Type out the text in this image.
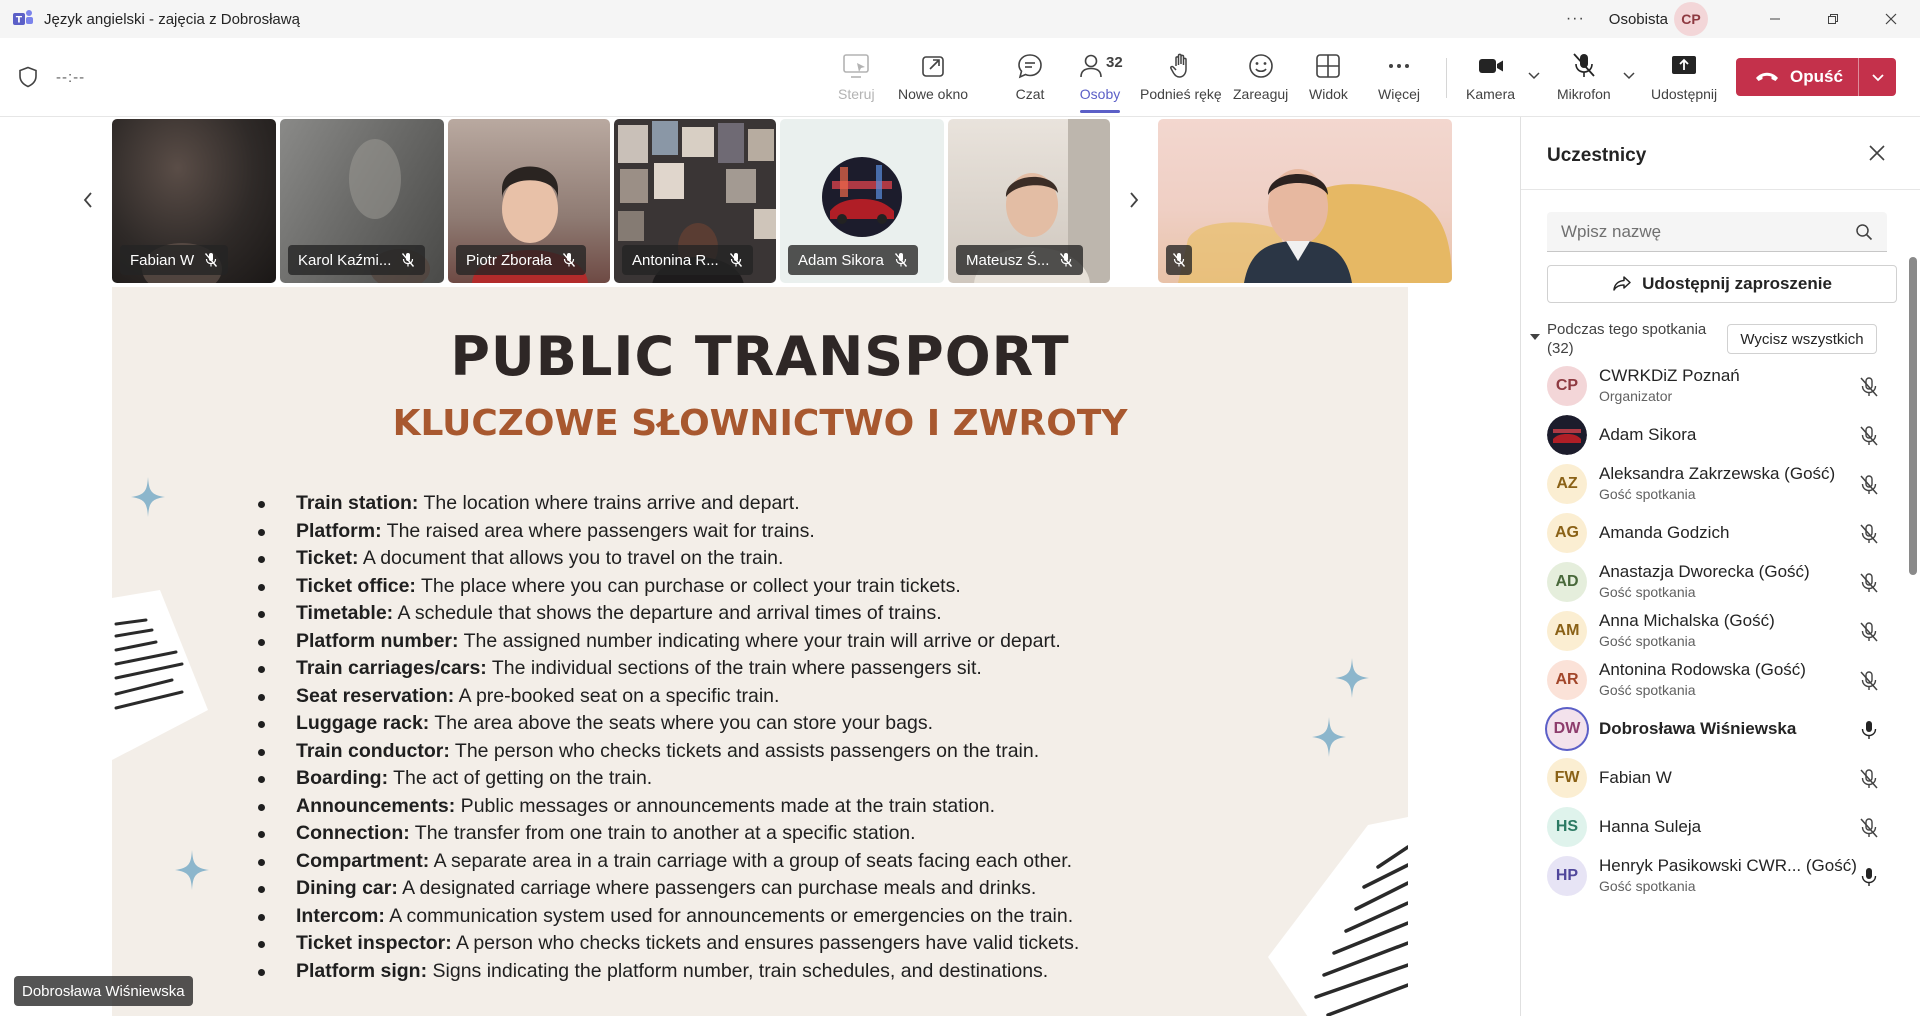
T Język angielski - zajęcia z Dobrosławą	··· Osobista CP
--:--
Steruj Nowe okno	Czat
32
Osoby Podnieś rękę Zareaguj Widok Więcej	Kamera	Mikrofon	Udostępnij
Opuść
Fabian W	Karol Kaźmi...	Piotr Zborała	Antonina R...	Adam Sikora	Mateusz Ś...
PUBLIC TRANSPORT
KLUCZOWE SŁOWNICTWO I ZWROTY
Train station: The location where trains arrive and depart.
Platform: The raised area where passengers wait for trains.
Ticket: A document that allows you to travel on the train.
Ticket office: The place where you can purchase or collect your train tickets.
Timetable: A schedule that shows the departure and arrival times of trains.
Platform number: The assigned number indicating where your train will arrive or depart.
Train carriages/cars: The individual sections of the train where passengers sit.
Seat reservation: A pre-booked seat on a specific train.
Luggage rack: The area above the seats where you can store your bags.
Train conductor: The person who checks tickets and assists passengers on the train.
Boarding: The act of getting on the train.
Announcements: Public messages or announcements made at the train station.
Connection: The transfer from one train to another at a specific station.
Compartment: A separate area in a train carriage with a group of seats facing each other.
Dining car: A designated carriage where passengers can purchase meals and drinks.
Intercom: A communication system used for announcements or emergencies on the train.
Ticket inspector: A person who checks tickets and ensures passengers have valid tickets.
Platform sign: Signs indicating the platform number, train schedules, and destinations.
Dobrosława Wiśniewska
Uczestnicy
Wpisz nazwę
Udostępnij zaproszenie
Podczas tego spotkania
(32)
Wycisz wszystkich
CP
CWRKDiZ Poznań
Organizator
Adam Sikora
AZ
Aleksandra Zakrzewska (Gość)
Gość spotkania
AG	Amanda Godzich
AD
Anastazja Dworecka (Gość)
Gość spotkania
AM
Anna Michalska (Gość)
Gość spotkania
AR
Antonina Rodowska (Gość)
Gość spotkania
DW	Dobrosława Wiśniewska
FW	Fabian W
HS	Hanna Suleja
HP
Henryk Pasikowski CWR... (Gość)
Gość spotkania
